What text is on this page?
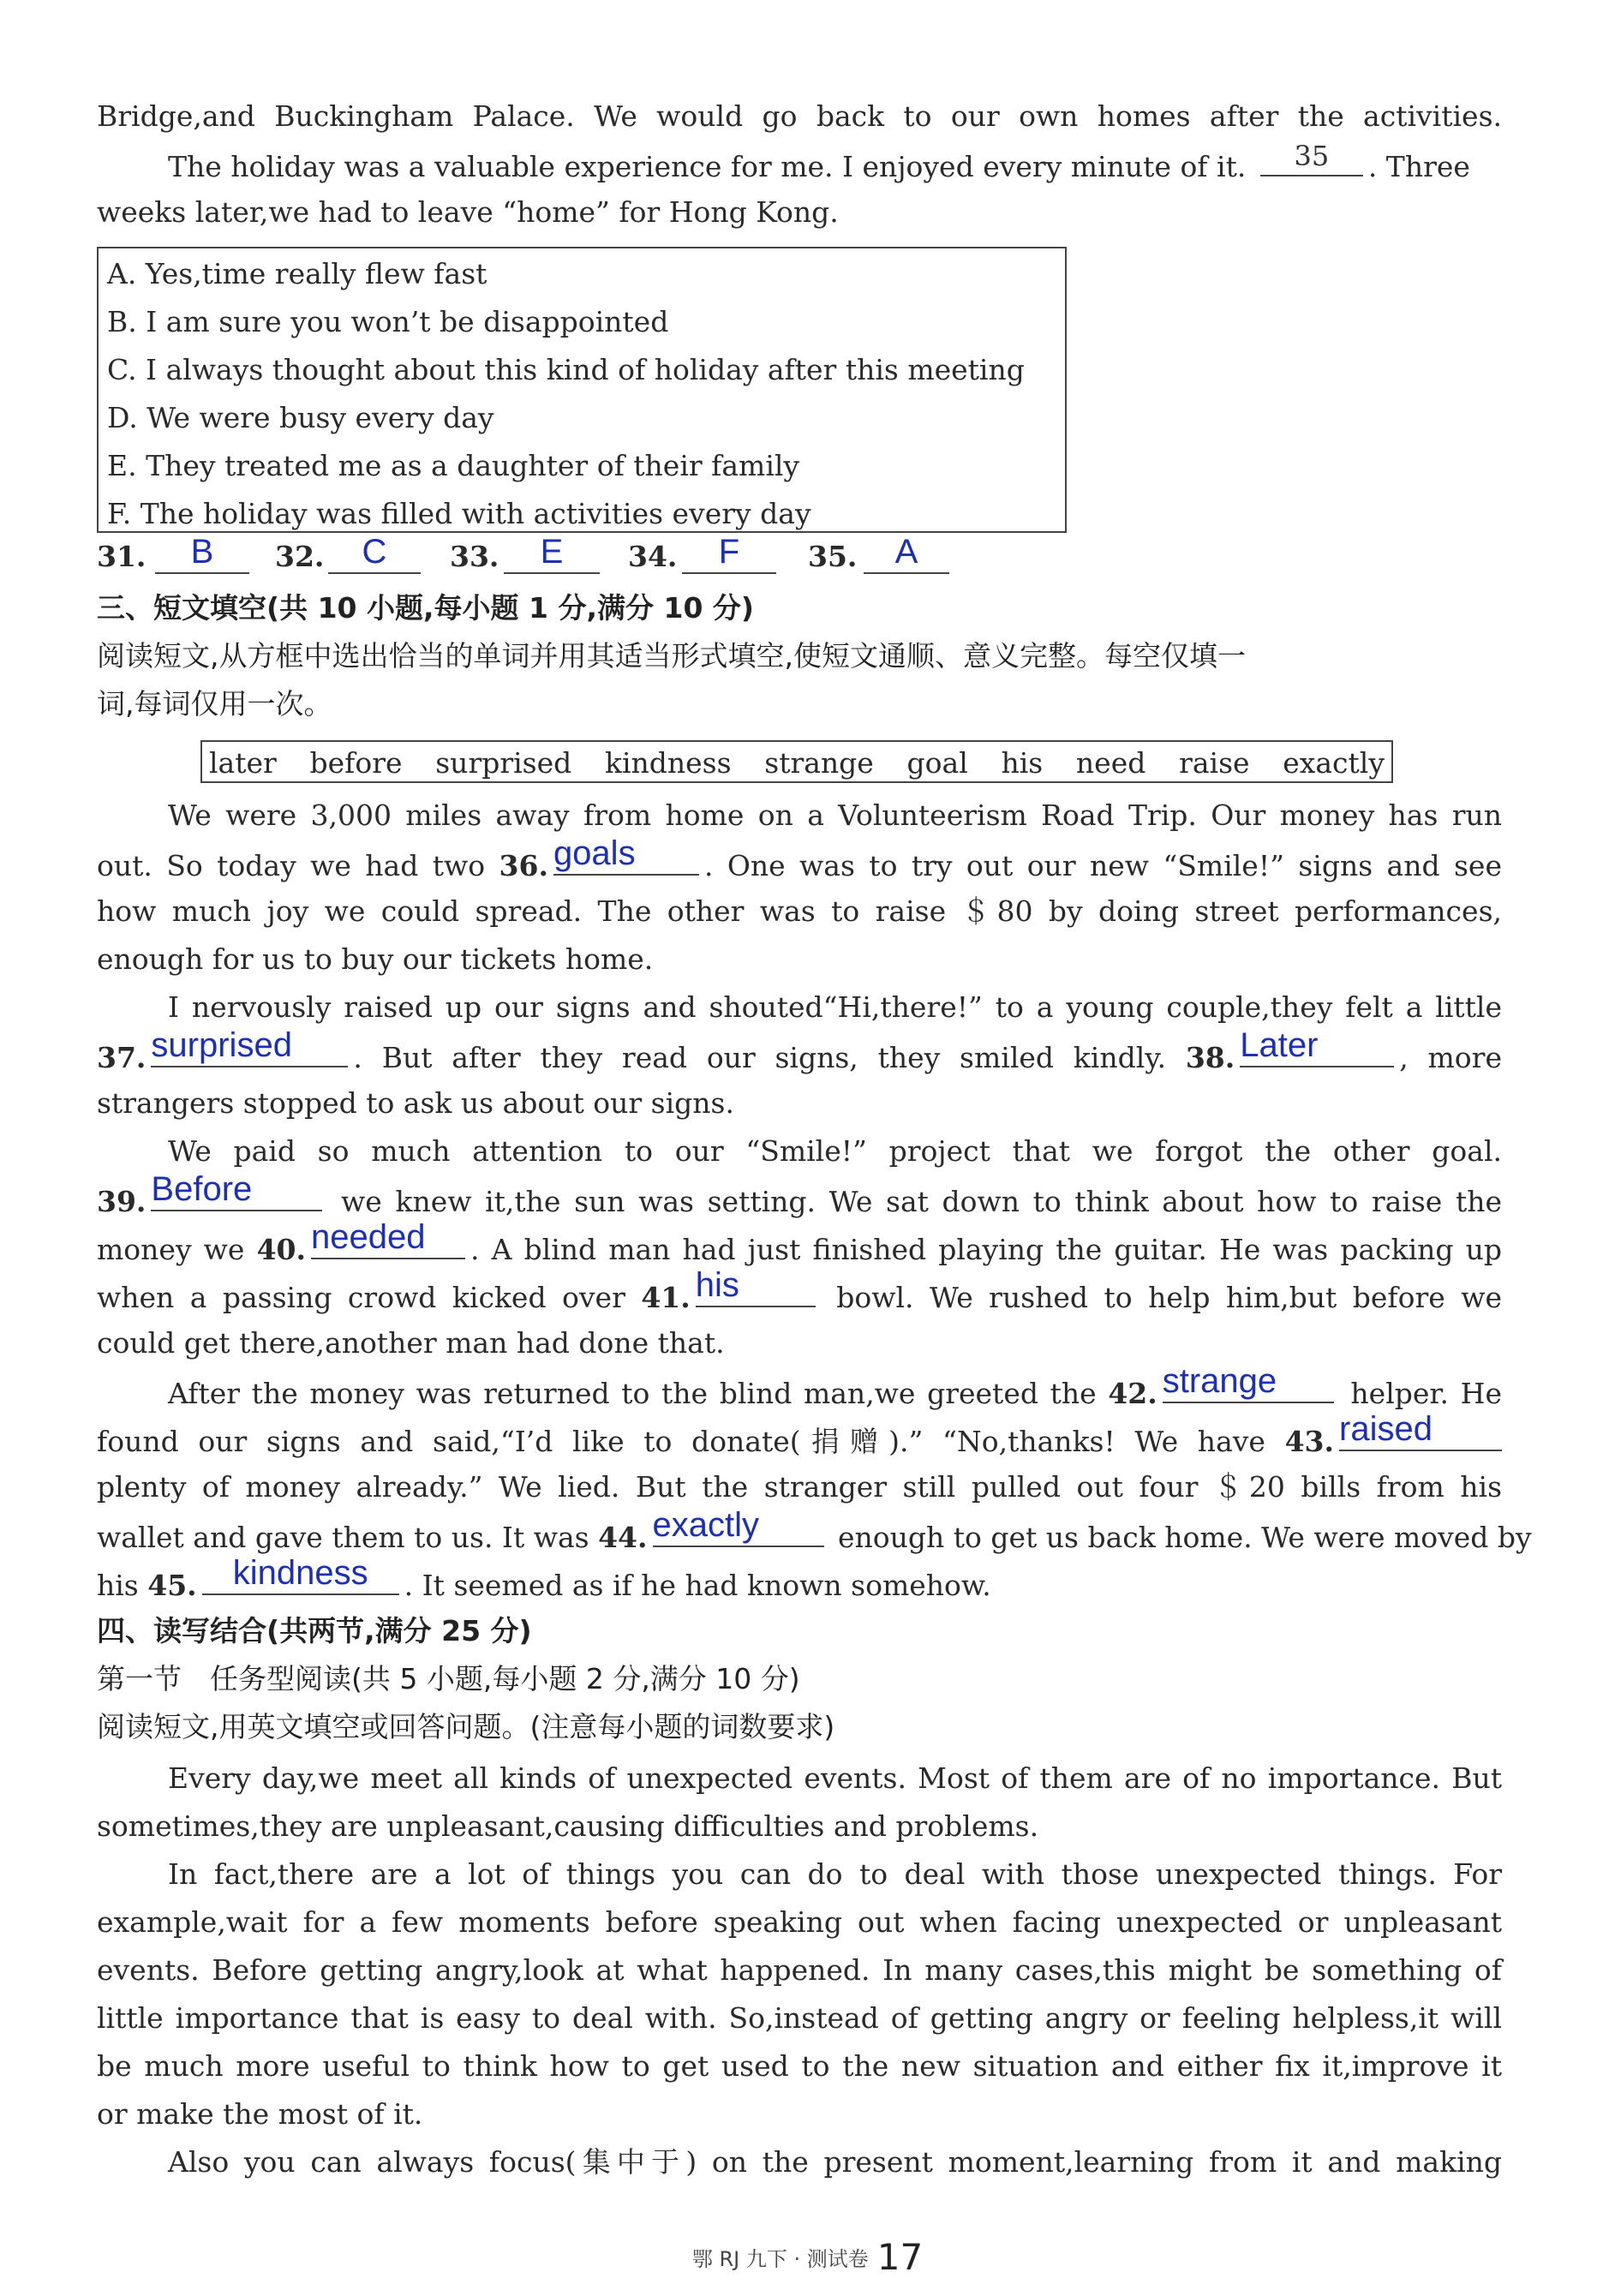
Bridge,and Buckingham Palace. We would go back to our own homes after the activities.
The holiday was a valuable experience for me. I enjoyed every minute of it.	35	. Three
weeks later,we had to leave “home” for Hong Kong.
A. Yes,time really flew fast
B. I am sure you won’t be disappointed
C. I always thought about this kind of holiday after this meeting
D. We were busy every day
E. They treated me as a daughter of their family
F. The holiday was filled with activities every day
31.	B	32.	C	33.	E	34.	F	35.	A
三、短文填空(共 10 小题,每小题 1 分,满分 10 分)
阅读短文,从方框中选出恰当的单词并用其适当形式填空,使短文通顺、意义完整。每空仅填一
词,每词仅用一次。
later before surprised kindness strange goal his need raise exactly
We were 3,000 miles away from home on a Volunteerism Road Trip. Our money has run
out. So today we had two 36. goals	. One was to try out our new “Smile!” signs and see
how much joy we could spread. The other was to raise ＄80 by doing street performances,
enough for us to buy our tickets home.
I nervously raised up our signs and shouted“Hi,there!” to a young couple,they felt a little
37. surprised	. But after they read our signs, they smiled kindly. 38. Later	, more
strangers stopped to ask us about our signs.
We paid so much attention to our “Smile!” project that we forgot the other goal.
39. Before	we knew it,the sun was setting. We sat down to think about how to raise the
money we 40. needed	. A blind man had just finished playing the guitar. He was packing up
when a passing crowd kicked over 41. his	bowl. We rushed to help him,but before we
could get there,another man had done that.
After the money was returned to the blind man,we greeted the 42. strange	helper. He
found our signs and said,“I’d like to donate(捐赠).” “No,thanks! We have 43. raised
plenty of money already.” We lied. But the stranger still pulled out four ＄20 bills from his
wallet and gave them to us. It was 44. exactly	enough to get us back home. We were moved by
his 45.	kindness	. It seemed as if he had known somehow.
四、读写结合(共两节,满分 25 分)
第一节　任务型阅读(共 5 小题,每小题 2 分,满分 10 分)
阅读短文,用英文填空或回答问题。(注意每小题的词数要求)
Every day,we meet all kinds of unexpected events. Most of them are of no importance. But
sometimes,they are unpleasant,causing difficulties and problems.
In fact,there are a lot of things you can do to deal with those unexpected things. For
example,wait for a few moments before speaking out when facing unexpected or unpleasant
events. Before getting angry,look at what happened. In many cases,this might be something of
little importance that is easy to deal with. So,instead of getting angry or feeling helpless,it will
be much more useful to think how to get used to the new situation and either fix it,improve it
or make the most of it.
Also you can always focus(集中于) on the present moment,learning from it and making
鄂 RJ 九下 · 测试卷 17
